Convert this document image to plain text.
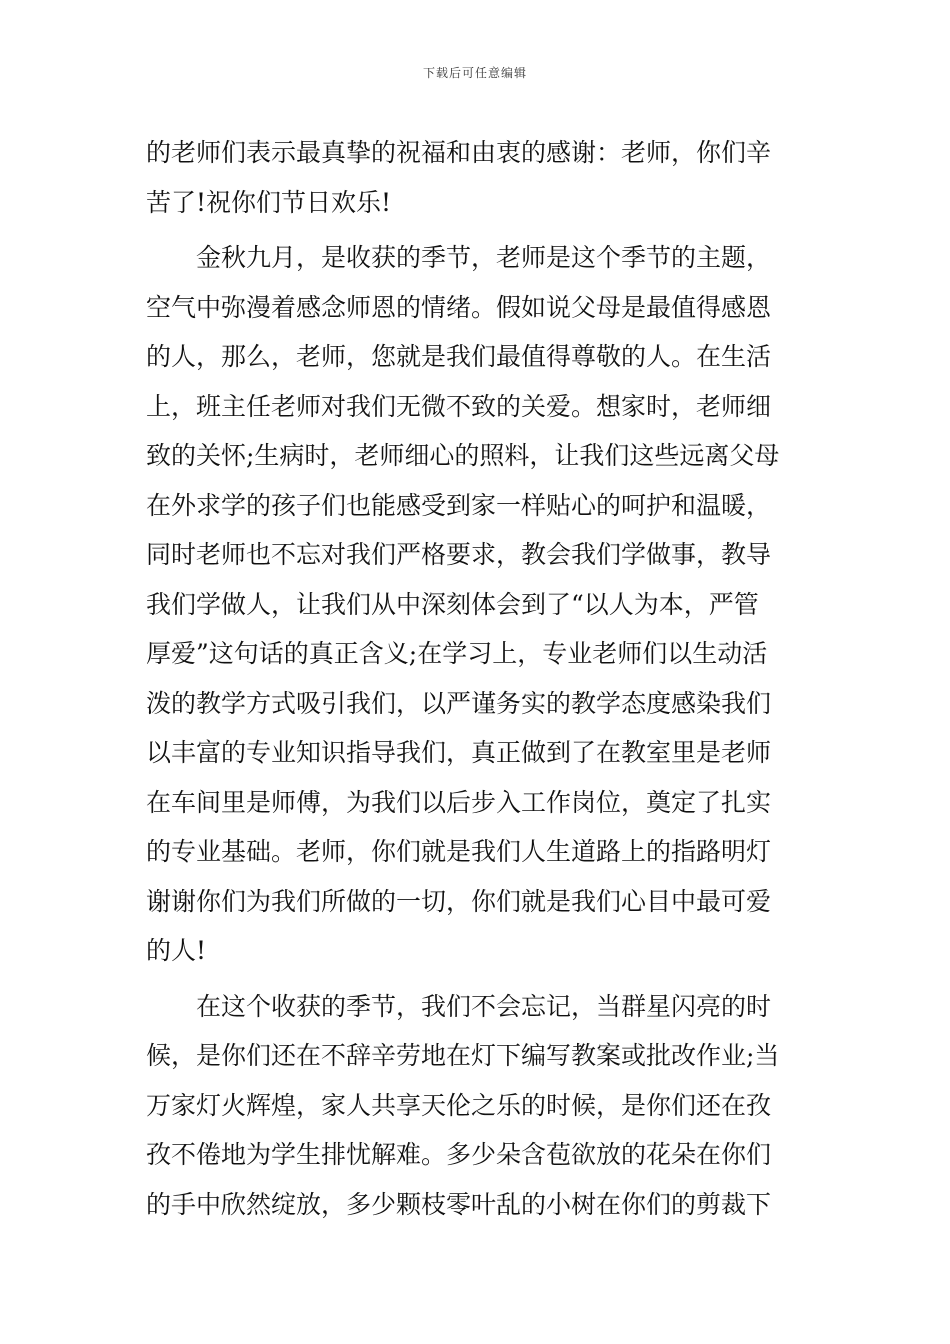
下载后可任意编辑
的老师们表示最真挚的祝福和由衷的感谢：老师，你们辛
苦了!祝你们节日欢乐!
金秋九月，是收获的季节，老师是这个季节的主题，
空气中弥漫着感念师恩的情绪。假如说父母是最值得感恩
的人，那么，老师，您就是我们最值得尊敬的人。在生活
上，班主任老师对我们无微不致的关爱。想家时，老师细
致的关怀;生病时，老师细心的照料，让我们这些远离父母
在外求学的孩子们也能感受到家一样贴心的呵护和温暖，
同时老师也不忘对我们严格要求，教会我们学做事，教导
我们学做人，让我们从中深刻体会到了“以人为本，严管
厚爱”这句话的真正含义;在学习上，专业老师们以生动活
泼的教学方式吸引我们，以严谨务实的教学态度感染我们
以丰富的专业知识指导我们，真正做到了在教室里是老师
在车间里是师傅，为我们以后步入工作岗位，奠定了扎实
的专业基础。老师，你们就是我们人生道路上的指路明灯
谢谢你们为我们所做的一切，你们就是我们心目中最可爱
的人!
在这个收获的季节，我们不会忘记，当群星闪亮的时
候，是你们还在不辞辛劳地在灯下编写教案或批改作业;当
万家灯火辉煌，家人共享天伦之乐的时候，是你们还在孜
孜不倦地为学生排忧解难。多少朵含苞欲放的花朵在你们
的手中欣然绽放，多少颗枝零叶乱的小树在你们的剪裁下
